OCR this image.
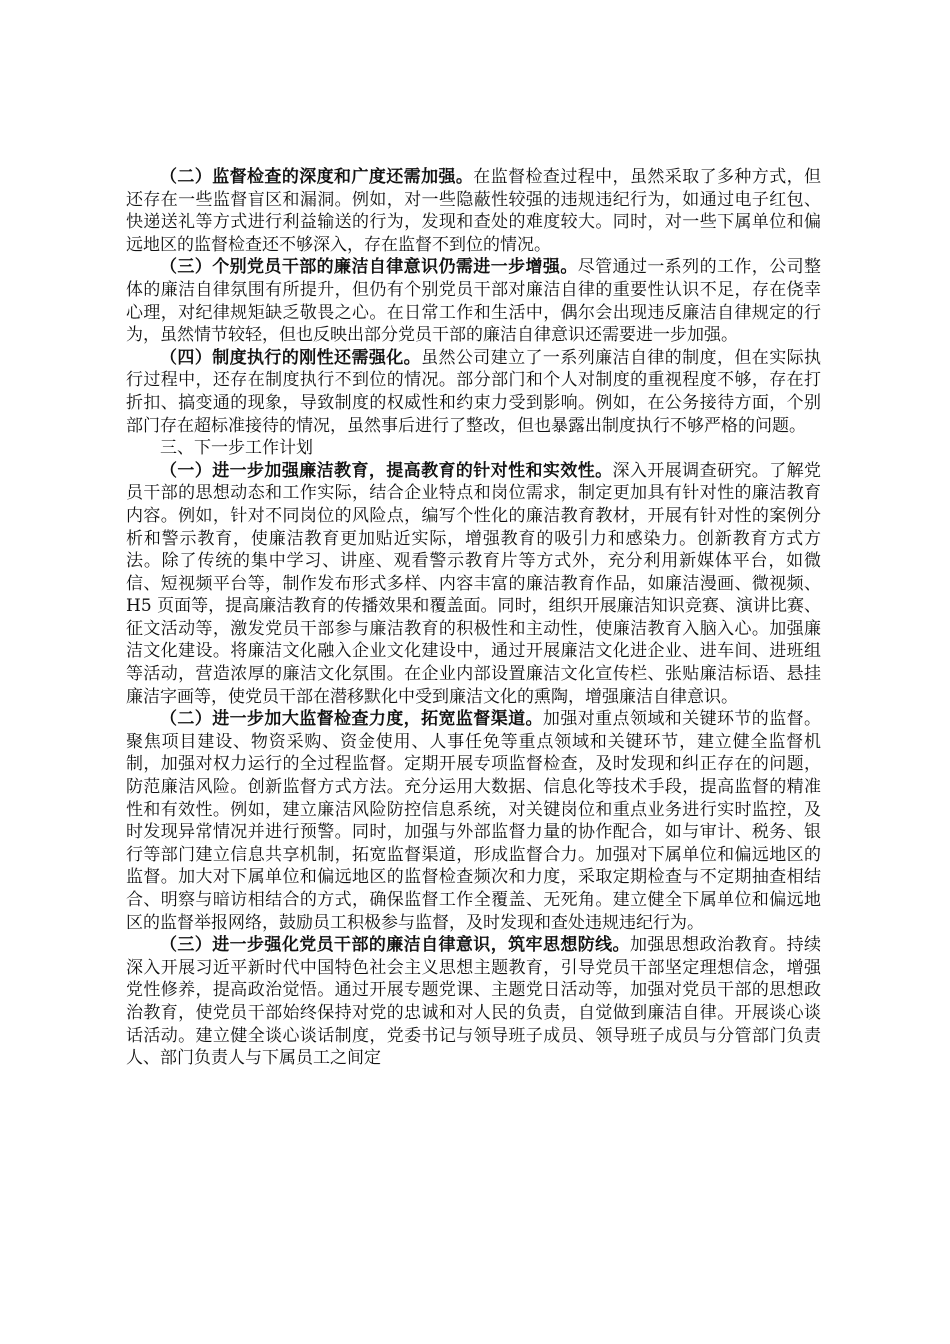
（二）监督检查的深度和广度还需加强。在监督检查过程中，虽然采取了多种方式，但还存在一些监督盲区和漏洞。例如，对一些隐蔽性较强的违规违纪行为，如通过电子红包、快递送礼等方式进行利益输送的行为，发现和查处的难度较大。同时，对一些下属单位和偏远地区的监督检查还不够深入，存在监督不到位的情况。

（三）个别党员干部的廉洁自律意识仍需进一步增强。尽管通过一系列的工作，公司整体的廉洁自律氛围有所提升，但仍有个别党员干部对廉洁自律的重要性认识不足，存在侥幸心理，对纪律规矩缺乏敬畏之心。在日常工作和生活中，偶尔会出现违反廉洁自律规定的行为，虽然情节较轻，但也反映出部分党员干部的廉洁自律意识还需要进一步加强。

（四）制度执行的刚性还需强化。虽然公司建立了一系列廉洁自律的制度，但在实际执行过程中，还存在制度执行不到位的情况。部分部门和个人对制度的重视程度不够，存在打折扣、搞变通的现象，导致制度的权威性和约束力受到影响。例如，在公务接待方面，个别部门存在超标准接待的情况，虽然事后进行了整改，但也暴露出制度执行不够严格的问题。

三、下一步工作计划

（一）进一步加强廉洁教育，提高教育的针对性和实效性。深入开展调查研究。了解党员干部的思想动态和工作实际，结合企业特点和岗位需求，制定更加具有针对性的廉洁教育内容。例如，针对不同岗位的风险点，编写个性化的廉洁教育教材，开展有针对性的案例分析和警示教育，使廉洁教育更加贴近实际，增强教育的吸引力和感染力。创新教育方式方法。除了传统的集中学习、讲座、观看警示教育片等方式外，充分利用新媒体平台，如微信、短视频平台等，制作发布形式多样、内容丰富的廉洁教育作品，如廉洁漫画、微视频、H5 页面等，提高廉洁教育的传播效果和覆盖面。同时，组织开展廉洁知识竞赛、演讲比赛、征文活动等，激发党员干部参与廉洁教育的积极性和主动性，使廉洁教育入脑入心。加强廉洁文化建设。将廉洁文化融入企业文化建设中，通过开展廉洁文化进企业、进车间、进班组等活动，营造浓厚的廉洁文化氛围。在企业内部设置廉洁文化宣传栏、张贴廉洁标语、悬挂廉洁字画等，使党员干部在潜移默化中受到廉洁文化的熏陶，增强廉洁自律意识。

（二）进一步加大监督检查力度，拓宽监督渠道。加强对重点领域和关键环节的监督。聚焦项目建设、物资采购、资金使用、人事任免等重点领域和关键环节，建立健全监督机制，加强对权力运行的全过程监督。定期开展专项监督检查，及时发现和纠正存在的问题，防范廉洁风险。创新监督方式方法。充分运用大数据、信息化等技术手段，提高监督的精准性和有效性。例如，建立廉洁风险防控信息系统，对关键岗位和重点业务进行实时监控，及时发现异常情况并进行预警。同时，加强与外部监督力量的协作配合，如与审计、税务、银行等部门建立信息共享机制，拓宽监督渠道，形成监督合力。加强对下属单位和偏远地区的监督。加大对下属单位和偏远地区的监督检查频次和力度，采取定期检查与不定期抽查相结合、明察与暗访相结合的方式，确保监督工作全覆盖、无死角。建立健全下属单位和偏远地区的监督举报网络，鼓励员工积极参与监督，及时发现和查处违规违纪行为。

（三）进一步强化党员干部的廉洁自律意识，筑牢思想防线。加强思想政治教育。持续深入开展习近平新时代中国特色社会主义思想主题教育，引导党员干部坚定理想信念，增强党性修养，提高政治觉悟。通过开展专题党课、主题党日活动等，加强对党员干部的思想政治教育，使党员干部始终保持对党的忠诚和对人民的负责，自觉做到廉洁自律。开展谈心谈话活动。建立健全谈心谈话制度，党委书记与领导班子成员、领导班子成员与分管部门负责人、部门负责人与下属员工之间定
